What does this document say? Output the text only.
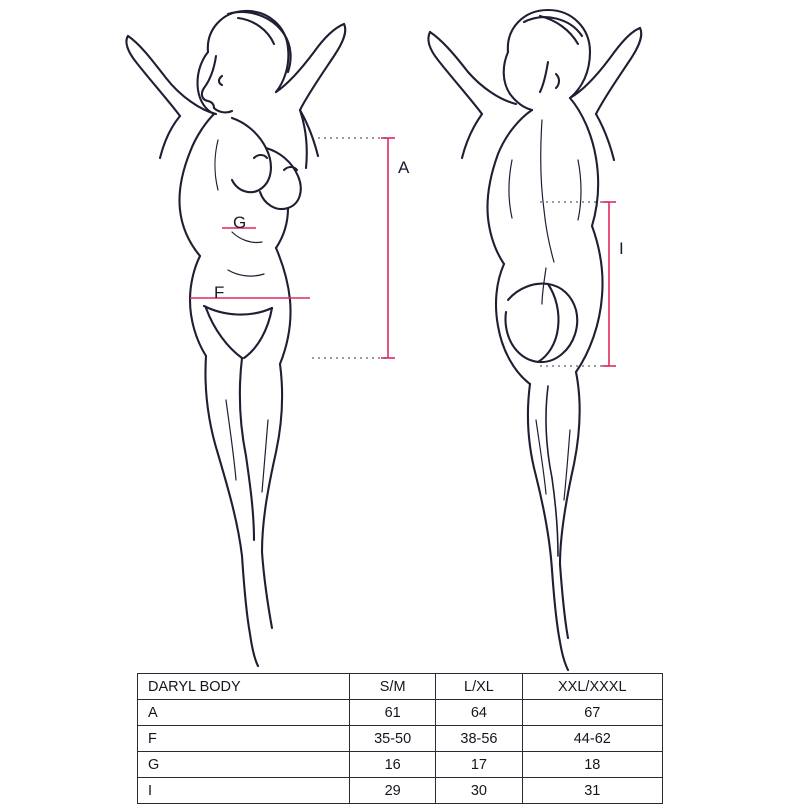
A
G
F
I
DARYL BODY	S/M	L/XL	XXL/XXXL
A	61	64	67
F	35-50	38-56	44-62
G	16	17	18
I	29	30	31
